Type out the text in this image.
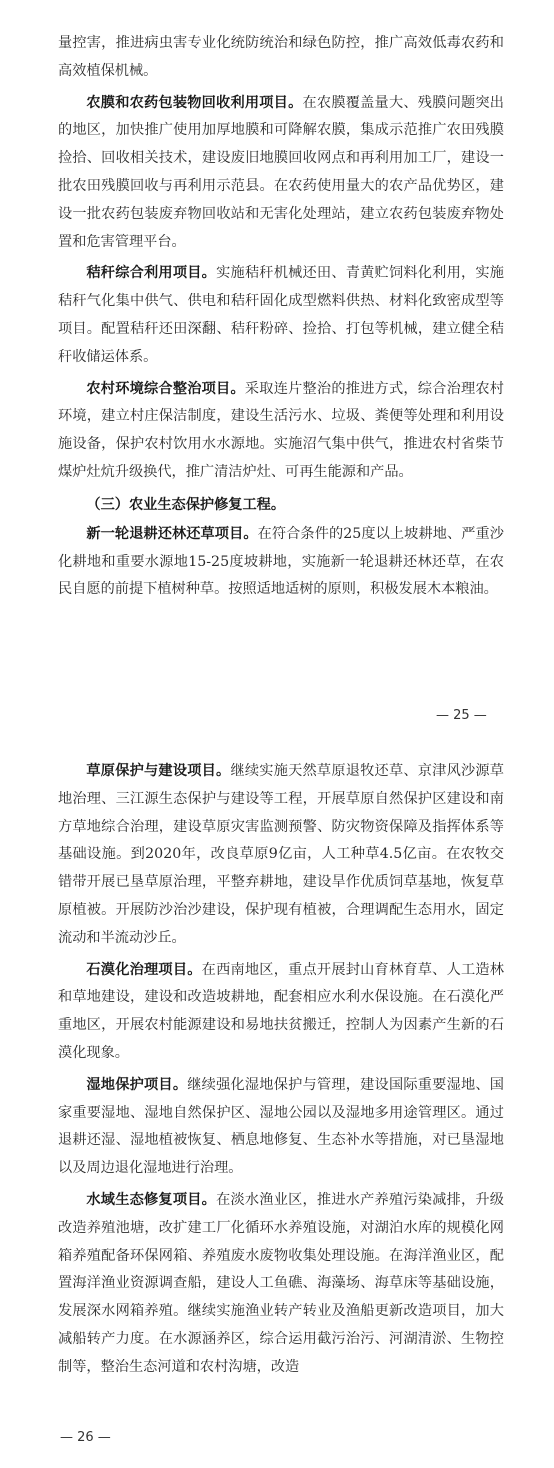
量控害，推进病虫害专业化统防统治和绿色防控，推广高效低毒农药和高效植保机械。

农膜和农药包装物回收利用项目。在农膜覆盖量大、残膜问题突出的地区，加快推广使用加厚地膜和可降解农膜，集成示范推广农田残膜捡拾、回收相关技术，建设废旧地膜回收网点和再利用加工厂，建设一批农田残膜回收与再利用示范县。在农药使用量大的农产品优势区，建设一批农药包装废弃物回收站和无害化处理站，建立农药包装废弃物处置和危害管理平台。

秸秆综合利用项目。实施秸秆机械还田、青黄贮饲料化利用，实施秸秆气化集中供气、供电和秸秆固化成型燃料供热、材料化致密成型等项目。配置秸秆还田深翻、秸秆粉碎、捡拾、打包等机械，建立健全秸秆收储运体系。

农村环境综合整治项目。采取连片整治的推进方式，综合治理农村环境，建立村庄保洁制度，建设生活污水、垃圾、粪便等处理和利用设施设备，保护农村饮用水水源地。实施沼气集中供气，推进农村省柴节煤炉灶炕升级换代，推广清洁炉灶、可再生能源和产品。

（三）农业生态保护修复工程。

新一轮退耕还林还草项目。在符合条件的25度以上坡耕地、严重沙化耕地和重要水源地15-25度坡耕地，实施新一轮退耕还林还草，在农民自愿的前提下植树种草。按照适地适树的原则，积极发展木本粮油。

— 25 —

草原保护与建设项目。继续实施天然草原退牧还草、京津风沙源草地治理、三江源生态保护与建设等工程，开展草原自然保护区建设和南方草地综合治理，建设草原灾害监测预警、防灾物资保障及指挥体系等基础设施。到2020年，改良草原9亿亩，人工种草4.5亿亩。在农牧交错带开展已垦草原治理，平整弃耕地，建设旱作优质饲草基地，恢复草原植被。开展防沙治沙建设，保护现有植被，合理调配生态用水，固定流动和半流动沙丘。

石漠化治理项目。在西南地区，重点开展封山育林育草、人工造林和草地建设，建设和改造坡耕地，配套相应水利水保设施。在石漠化严重地区，开展农村能源建设和易地扶贫搬迁，控制人为因素产生新的石漠化现象。

湿地保护项目。继续强化湿地保护与管理，建设国际重要湿地、国家重要湿地、湿地自然保护区、湿地公园以及湿地多用途管理区。通过退耕还湿、湿地植被恢复、栖息地修复、生态补水等措施，对已垦湿地以及周边退化湿地进行治理。

水域生态修复项目。在淡水渔业区，推进水产养殖污染减排，升级改造养殖池塘，改扩建工厂化循环水养殖设施，对湖泊水库的规模化网箱养殖配备环保网箱、养殖废水废物收集处理设施。在海洋渔业区，配置海洋渔业资源调查船，建设人工鱼礁、海藻场、海草床等基础设施，发展深水网箱养殖。继续实施渔业转产转业及渔船更新改造项目，加大减船转产力度。在水源涵养区，综合运用截污治污、河湖清淤、生物控制等，整治生态河道和农村沟塘，改造

— 26 —
